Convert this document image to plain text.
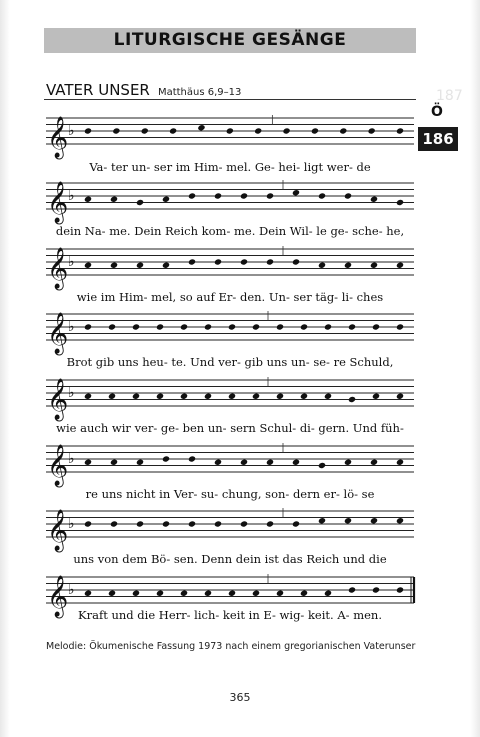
LITURGISCHE GESÄNGE
VATER UNSER Matthäus 6,9–13	187
Ö
186
𝄞 ♭
𝄞 ♭
𝄞 ♭
𝄞 ♭
𝄞 ♭
𝄞 ♭
𝄞 ♭
𝄞 ♭
Va- ter un- ser im Him- mel. Ge- hei- ligt wer- de
dein Na- me. Dein Reich kom- me. Dein Wil- le ge- sche- he,
wie im Him- mel, so auf Er- den. Un- ser täg- li- ches
Brot gib uns heu- te. Und ver- gib uns un- se- re Schuld,
wie auch wir ver- ge- ben un- sern Schul- di- gern. Und füh-
re uns nicht in Ver- su- chung, son- dern er- lö- se
uns von dem Bö- sen. Denn dein ist das Reich und die
Kraft und die Herr- lich- keit in E- wig- keit. A- men.
Melodie: Ökumenische Fassung 1973 nach einem gregorianischen Vaterunser
365
